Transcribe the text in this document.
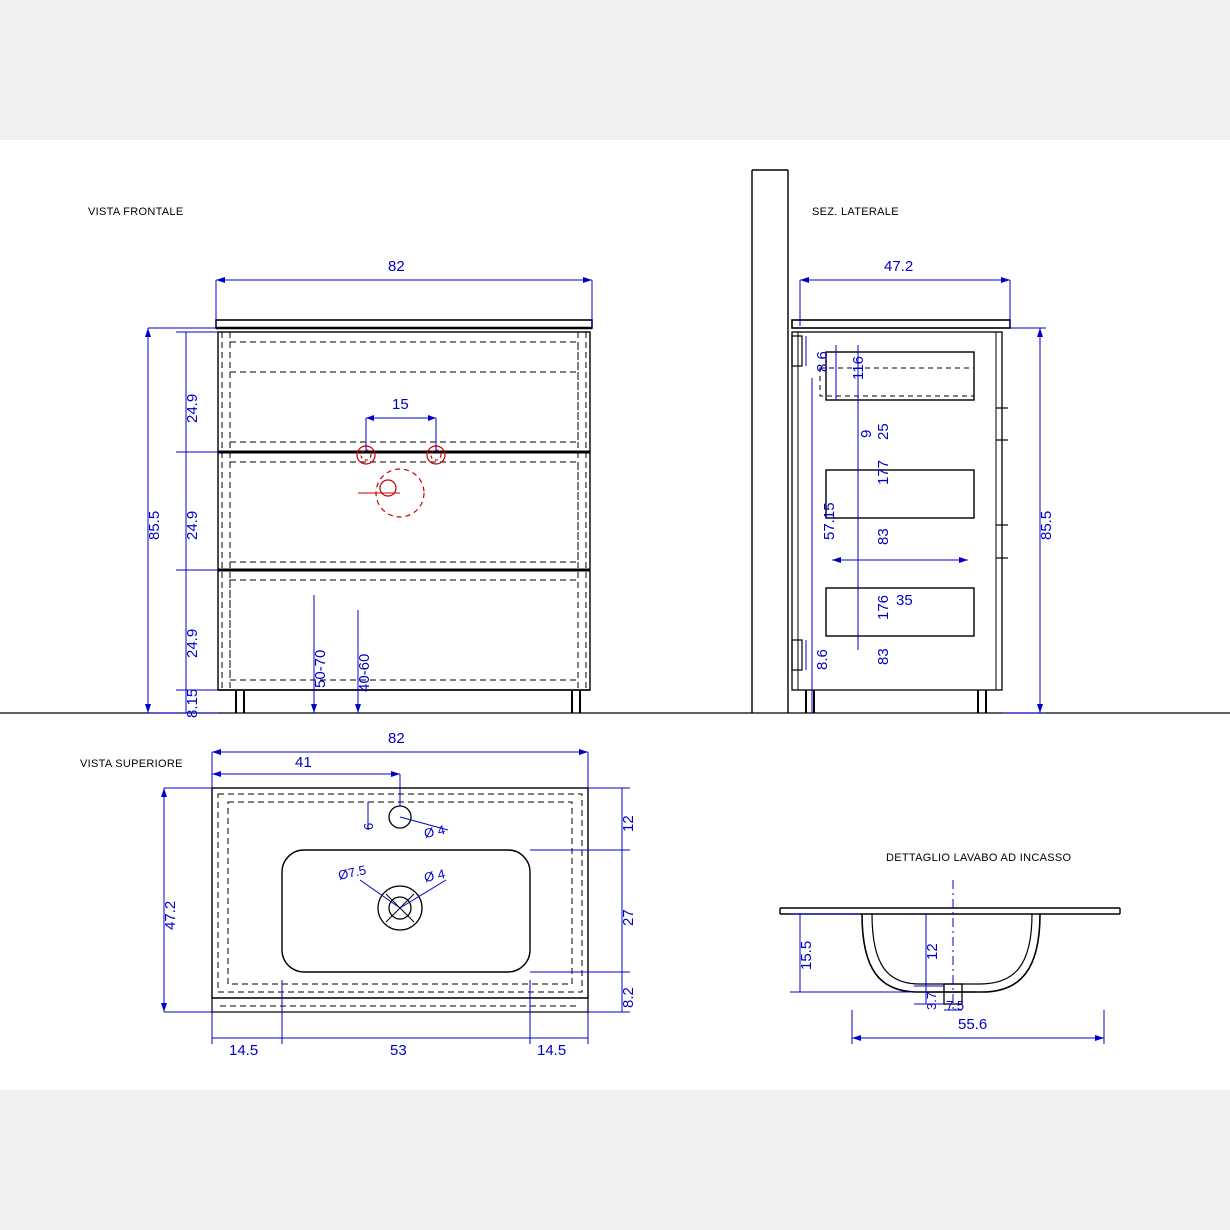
VISTA FRONTALE
85.5
82
24.9
24.9
24.9
8.15
15
50-70 40-60
SEZ. LATERALE
47.2
85.5
8.6 116
9 25
177
83
57.15
176 35
8.6	83
VISTA SUPERIORE
82
41
47.2
6	Ø 4
Ø 4
Ø7.5
12
27
8.2
14.5	53	14.5
DETTAGLIO LAVABO AD INCASSO
15.5	12
3.7 7.5
55.6
